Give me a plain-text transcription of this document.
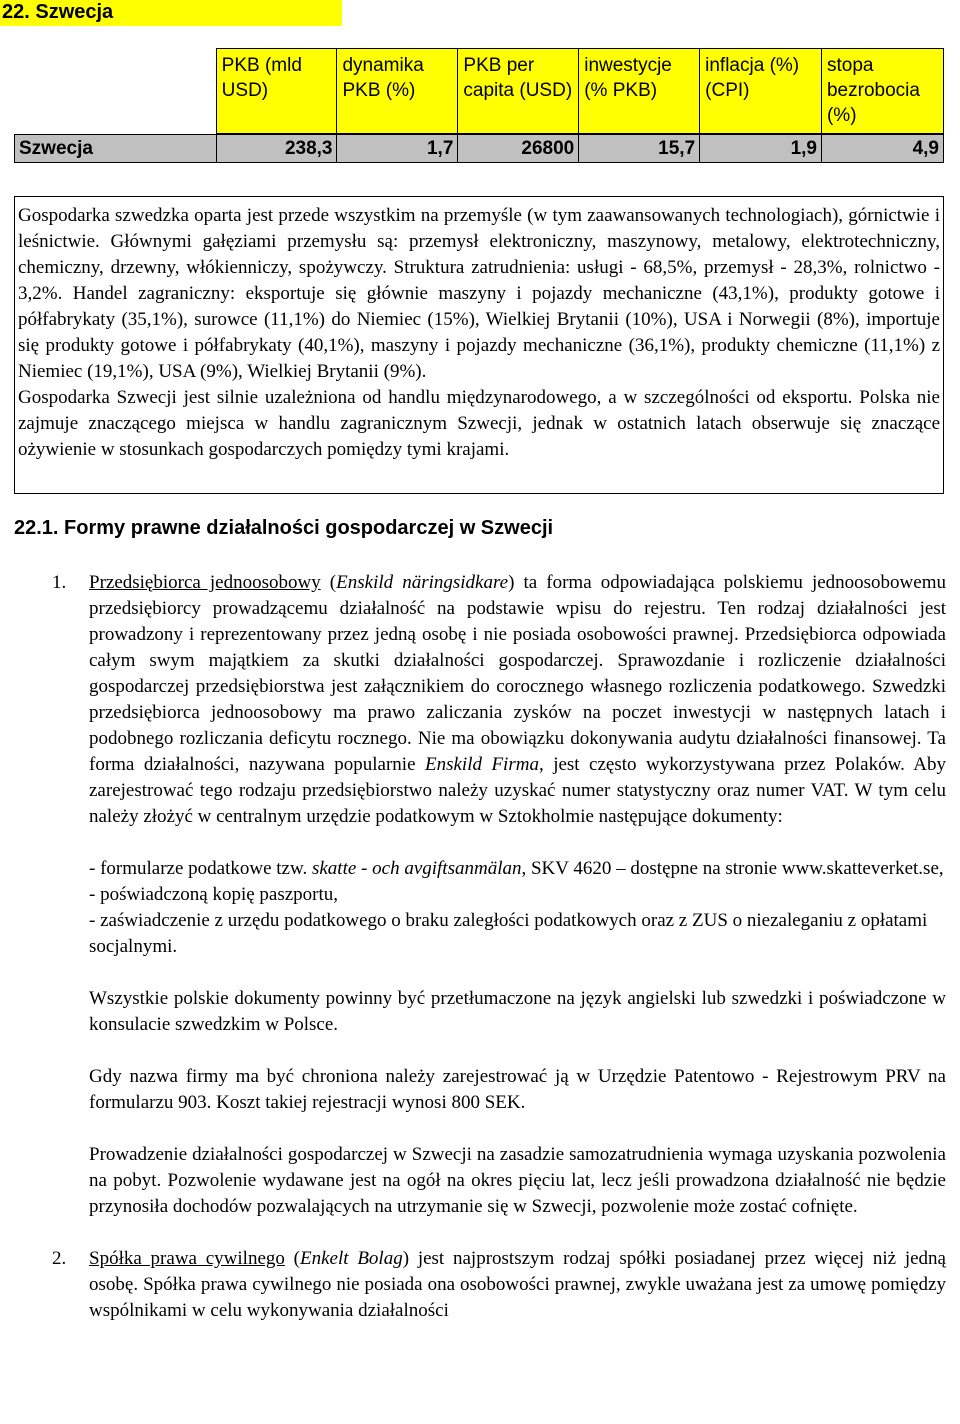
22. Szwecja
	PKB (mld USD)	dynamika PKB (%)	PKB per capita (USD)	inwestycje (% PKB)	inflacja (%) (CPI)	stopa bezrobocia (%)

Szwecja	238,3	1,7	26800	15,7	1,9	4,9

Gospodarka szwedzka oparta jest przede wszystkim na przemyśle (w tym zaawansowanych technologiach), górnictwie i leśnictwie. Głównymi gałęziami przemysłu są: przemysł elektroniczny, maszynowy, metalowy, elektrotechniczny, chemiczny, drzewny, włókienniczy, spożywczy. Struktura zatrudnienia: usługi - 68,5%, przemysł - 28,3%, rolnictwo - 3,2%. Handel zagraniczny: eksportuje się głównie maszyny i pojazdy mechaniczne (43,1%), produkty gotowe i półfabrykaty (35,1%), surowce (11,1%) do Niemiec (15%), Wielkiej Brytanii (10%), USA i Norwegii (8%), importuje się produkty gotowe i półfabrykaty (40,1%), maszyny i pojazdy mechaniczne (36,1%), produkty chemiczne (11,1%) z Niemiec (19,1%), USA (9%), Wielkiej Brytanii (9%).

Gospodarka Szwecji jest silnie uzależniona od handlu międzynarodowego, a w szczególności od eksportu. Polska nie zajmuje znaczącego miejsca w handlu zagranicznym Szwecji, jednak w ostatnich latach obserwuje się znaczące ożywienie w stosunkach gospodarczych pomiędzy tymi krajami.

22.1. Formy prawne działalności gospodarczej w Szwecji
1. Przedsiębiorca jednoosobowy (Enskild näringsidkare) ta forma odpowiadająca polskiemu jednoosobowemu przedsiębiorcy prowadzącemu działalność na podstawie wpisu do rejestru. Ten rodzaj działalności jest prowadzony i reprezentowany przez jedną osobę i nie posiada osobowości prawnej. Przedsiębiorca odpowiada całym swym majątkiem za skutki działalności gospodarczej. Sprawozdanie i rozliczenie działalności gospodarczej przedsiębiorstwa jest załącznikiem do corocznego własnego rozliczenia podatkowego. Szwedzki przedsiębiorca jednoosobowy ma prawo zaliczania zysków na poczet inwestycji w następnych latach i podobnego rozliczania deficytu rocznego. Nie ma obowiązku dokonywania audytu działalności finansowej. Ta forma działalności, nazywana popularnie Enskild Firma, jest często wykorzystywana przez Polaków. Aby zarejestrować tego rodzaju przedsiębiorstwo należy uzyskać numer statystyczny oraz numer VAT. W tym celu należy złożyć w centralnym urzędzie podatkowym w Sztokholmie następujące dokumenty:

- formularze podatkowe tzw. skatte - och avgiftsanmälan, SKV 4620 – dostępne na stronie www.skatteverket.se,

- poświadczoną kopię paszportu,

- zaświadczenie z urzędu podatkowego o braku zaległości podatkowych oraz z ZUS o niezaleganiu z opłatami socjalnymi.

Wszystkie polskie dokumenty powinny być przetłumaczone na język angielski lub szwedzki i poświadczone w konsulacie szwedzkim w Polsce.

Gdy nazwa firmy ma być chroniona należy zarejestrować ją w Urzędzie Patentowo - Rejestrowym PRV na formularzu 903. Koszt takiej rejestracji wynosi 800 SEK.

Prowadzenie działalności gospodarczej w Szwecji na zasadzie samozatrudnienia wymaga uzyskania pozwolenia na pobyt. Pozwolenie wydawane jest na ogół na okres pięciu lat, lecz jeśli prowadzona działalność nie będzie przynosiła dochodów pozwalających na utrzymanie się w Szwecji, pozwolenie może zostać cofnięte.

2. Spółka prawa cywilnego (Enkelt Bolag) jest najprostszym rodzaj spółki posiadanej przez więcej niż jedną osobę. Spółka prawa cywilnego nie posiada ona osobowości prawnej, zwykle uważana jest za umowę pomiędzy wspólnikami w celu wykonywania działalności
